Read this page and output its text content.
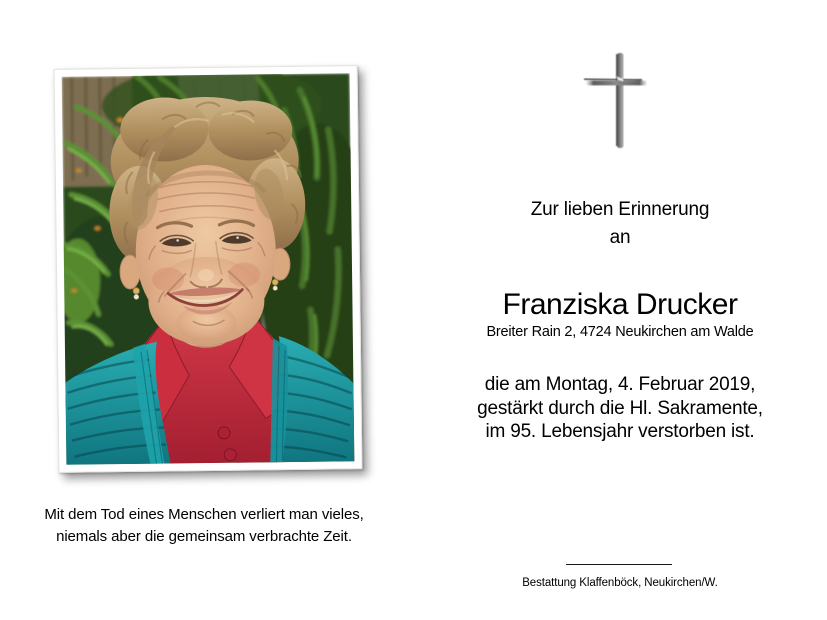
Mit dem Tod eines Menschen verliert man vieles,
niemals aber die gemeinsam verbrachte Zeit.
Zur lieben Erinnerung
an
Franziska Drucker
Breiter Rain 2, 4724 Neukirchen am Walde
die am Montag, 4. Februar 2019,
gestärkt durch die Hl. Sakramente,
im 95. Lebensjahr verstorben ist.
Bestattung Klaffenböck, Neukirchen/W.
